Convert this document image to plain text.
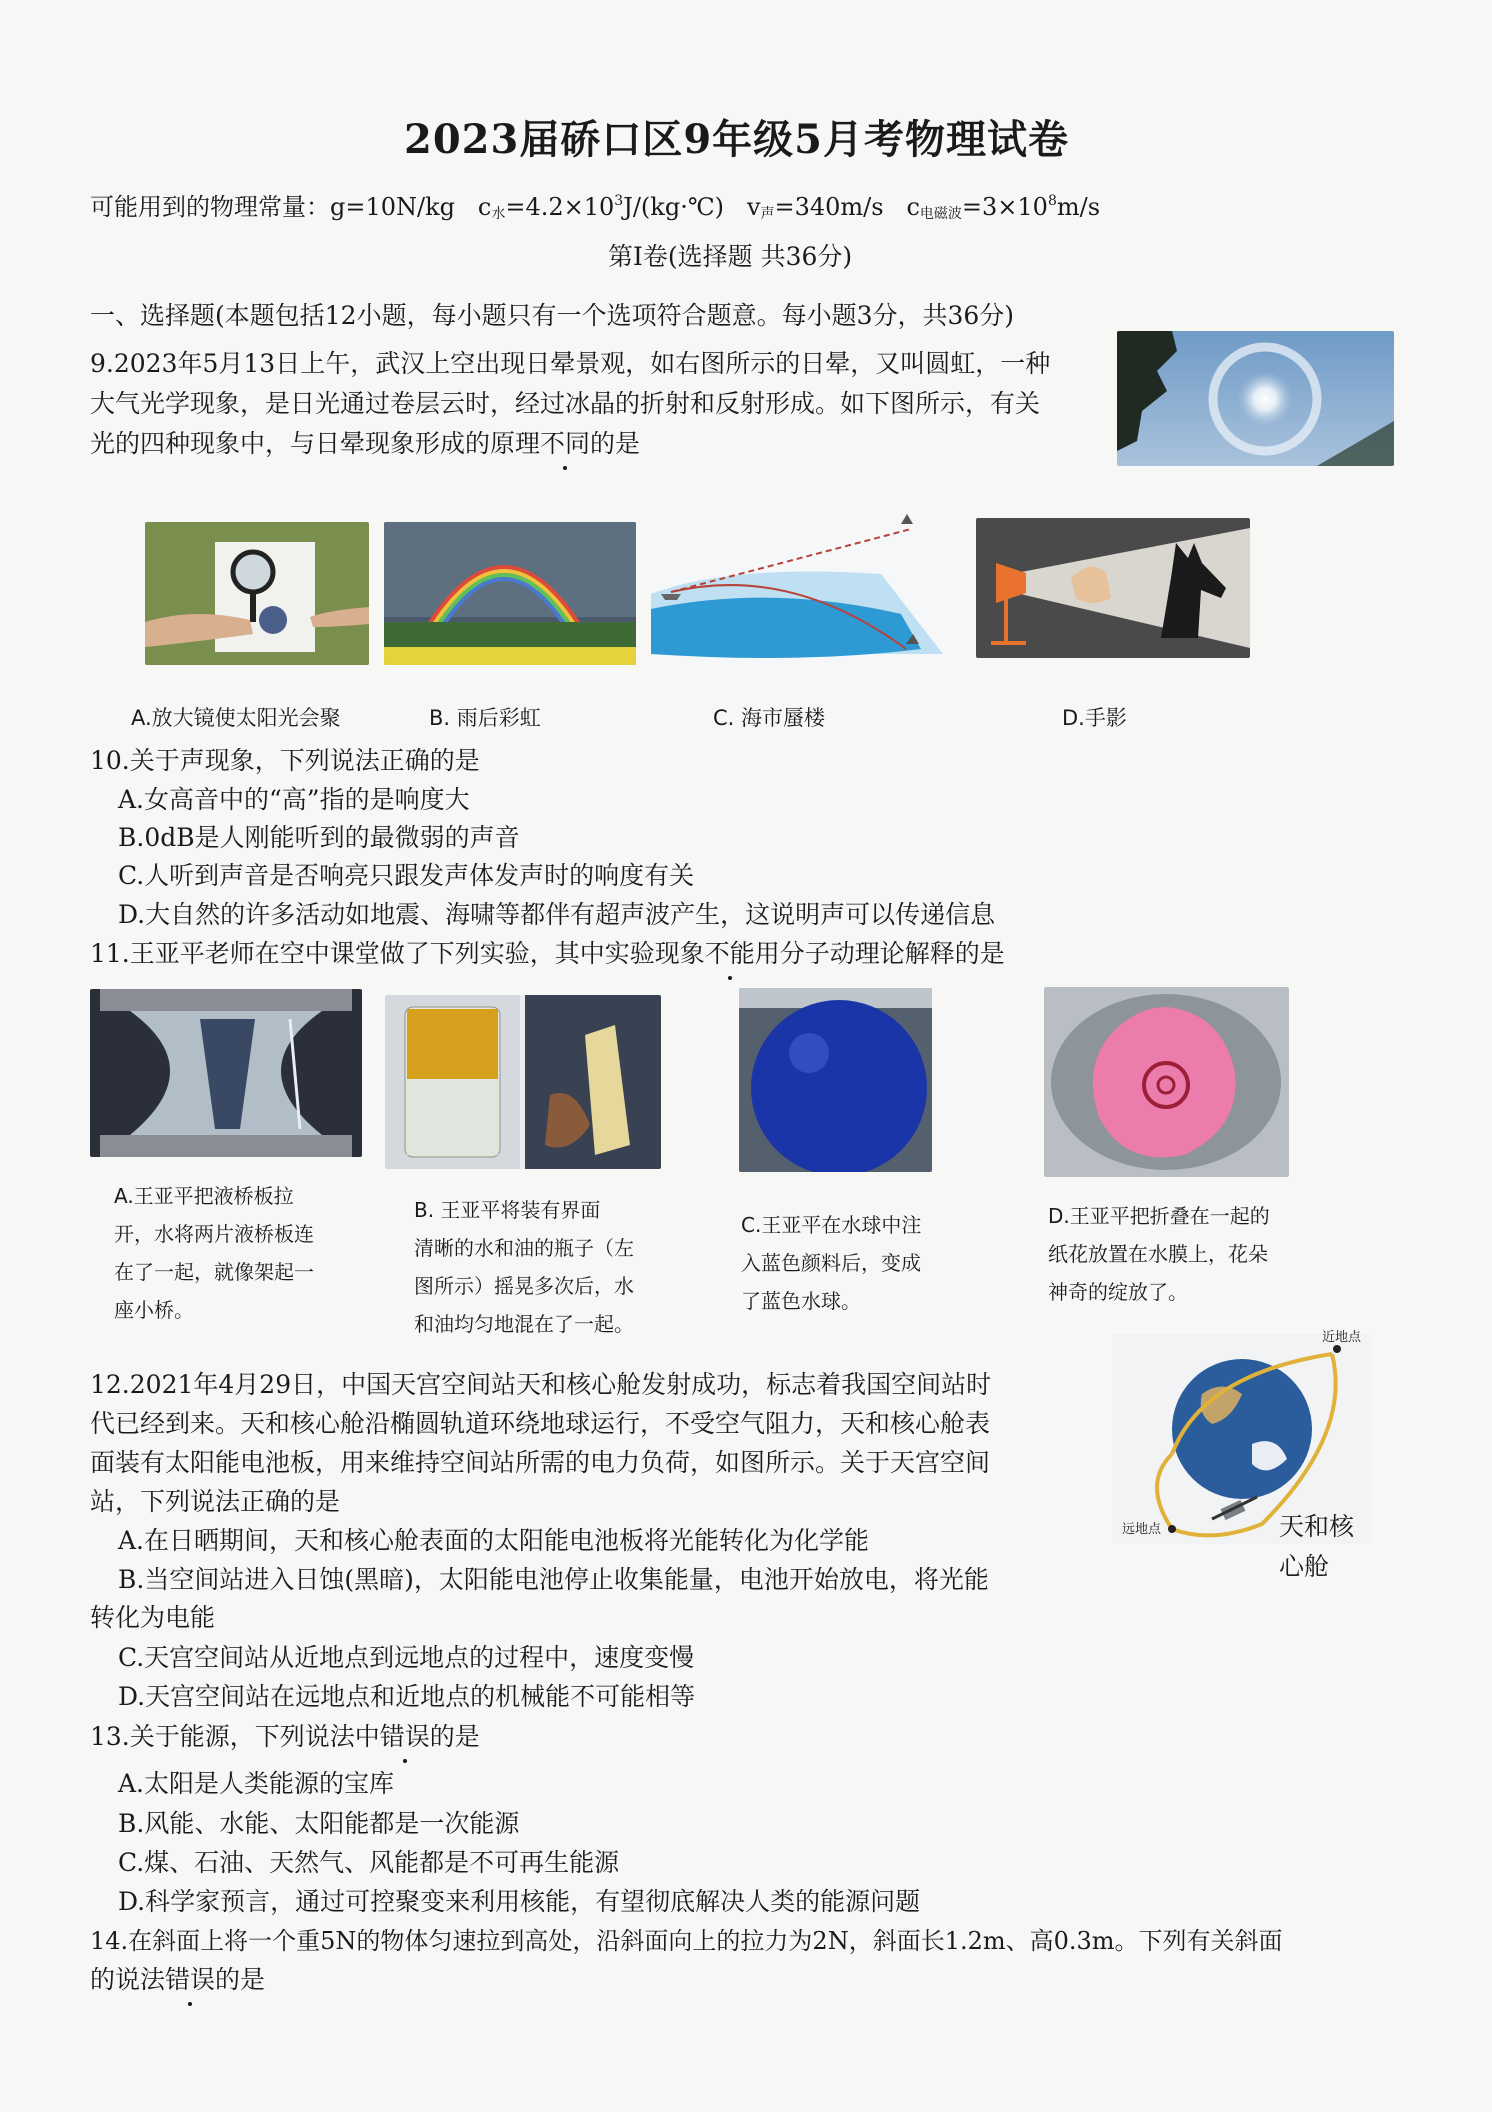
2023届硚口区9年级5月考物理试卷
可能用到的物理常量：g=10N/kg $c_水=4.2\times 10^3J/(kg\cdot℃)$ $v_声=340m/s$ $c_{电磁波}=3\times 10^8m/s$
第Ⅰ卷(选择题 共36分)
一、选择题(本题包括12小题，每小题只有一个选项符合题意。每小题3分，共36分)
9.2023年5月13日上午，武汉上空出现日晕景观，如右图所示的日晕，又叫圆虹，一种
大气光学现象，是日光通过卷层云时，经过冰晶的折射和反射形成。如下图所示，有关
光的四种现象中，与日晕现象形成的原理不同的是
A.放大镜使太阳光会聚	B. 雨后彩虹	C. 海市蜃楼	D.手影
10.关于声现象，下列说法正确的是
A.女高音中的“高”指的是响度大
B.0dB是人刚能听到的最微弱的声音
C.人听到声音是否响亮只跟发声体发声时的响度有关
D.大自然的许多活动如地震、海啸等都伴有超声波产生，这说明声可以传递信息
11.王亚平老师在空中课堂做了下列实验，其中实验现象不能用分子动理论解释的是
A.王亚平把液桥板拉
开，水将两片液桥板连
在了一起，就像架起一
座小桥。
B. 王亚平将装有界面
清晰的水和油的瓶子（左
图所示）摇晃多次后，水
和油均匀地混在了一起。
C.王亚平在水球中注
入蓝色颜料后，变成
了蓝色水球。
D.王亚平把折叠在一起的
纸花放置在水膜上，花朵
神奇的绽放了。
12.2021年4月29日，中国天宫空间站天和核心舱发射成功，标志着我国空间站时
代已经到来。天和核心舱沿椭圆轨道环绕地球运行，不受空气阻力，天和核心舱表
面装有太阳能电池板，用来维持空间站所需的电力负荷，如图所示。关于天宫空间
站，下列说法正确的是
A.在日晒期间，天和核心舱表面的太阳能电池板将光能转化为化学能
B.当空间站进入日蚀(黑暗)，太阳能电池停止收集能量，电池开始放电，将光能
转化为电能
C.天宫空间站从近地点到远地点的过程中，速度变慢
D.天宫空间站在远地点和近地点的机械能不可能相等
近地点
远地点	天和核
心舱
13.关于能源，下列说法中错误的是
A.太阳是人类能源的宝库
B.风能、水能、太阳能都是一次能源
C.煤、石油、天然气、风能都是不可再生能源
D.科学家预言，通过可控聚变来利用核能，有望彻底解决人类的能源问题
14.在斜面上将一个重5N的物体匀速拉到高处，沿斜面向上的拉力为2N，斜面长1.2m、高0.3m。下列有关斜面
的说法错误的是
